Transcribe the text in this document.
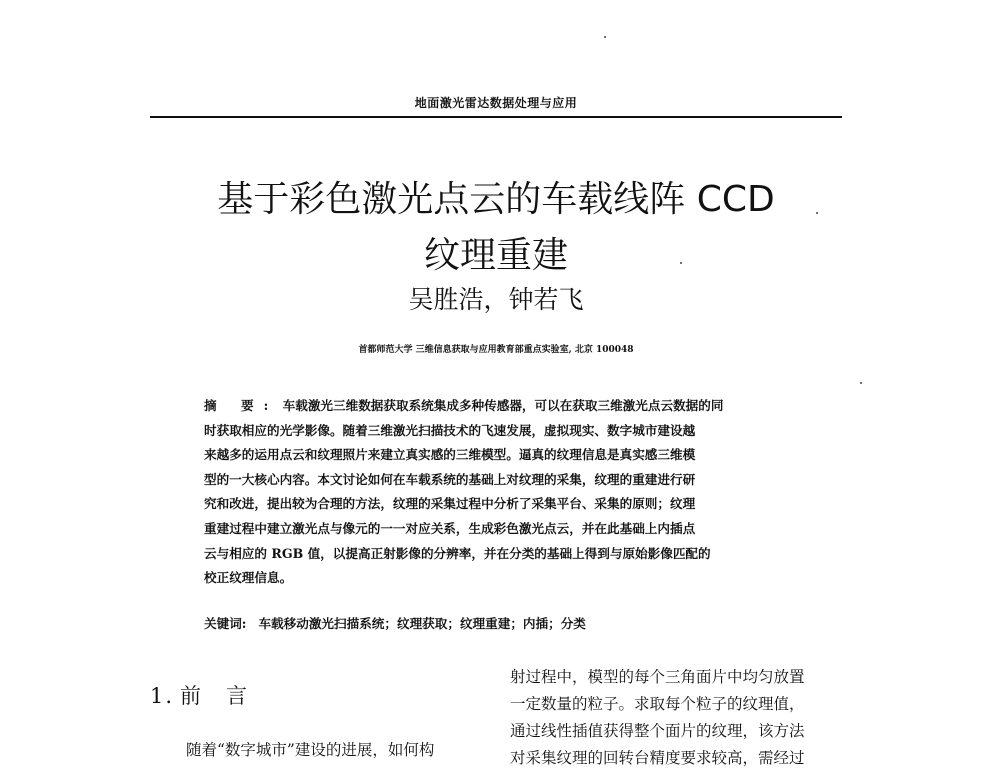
地面激光雷达数据处理与应用
基于彩色激光点云的车载线阵 CCD
纹理重建
吴胜浩，钟若飞
首都师范大学 三维信息获取与应用教育部重点实验室, 北京 100048
摘 要: 车载激光三维数据获取系统集成多种传感器，可以在获取三维激光点云数据的同
时获取相应的光学影像。随着三维激光扫描技术的飞速发展，虚拟现实、数字城市建设越
来越多的运用点云和纹理照片来建立真实感的三维模型。逼真的纹理信息是真实感三维模
型的一大核心内容。本文讨论如何在车载系统的基础上对纹理的采集，纹理的重建进行研
究和改进，提出较为合理的方法，纹理的采集过程中分析了采集平台、采集的原则；纹理
重建过程中建立激光点与像元的一一对应关系，生成彩色激光点云，并在此基础上内插点
云与相应的 RGB 值，以提高正射影像的分辨率，并在分类的基础上得到与原始影像匹配的
校正纹理信息。
关键词: 车载移动激光扫描系统；纹理获取；纹理重建；内插；分类
1. 前　言
随着“数字城市”建设的进展，如何构
射过程中，模型的每个三角面片中均匀放置
一定数量的粒子。求取每个粒子的纹理值，
通过线性插值获得整个面片的纹理，该方法
对采集纹理的回转台精度要求较高，需经过
